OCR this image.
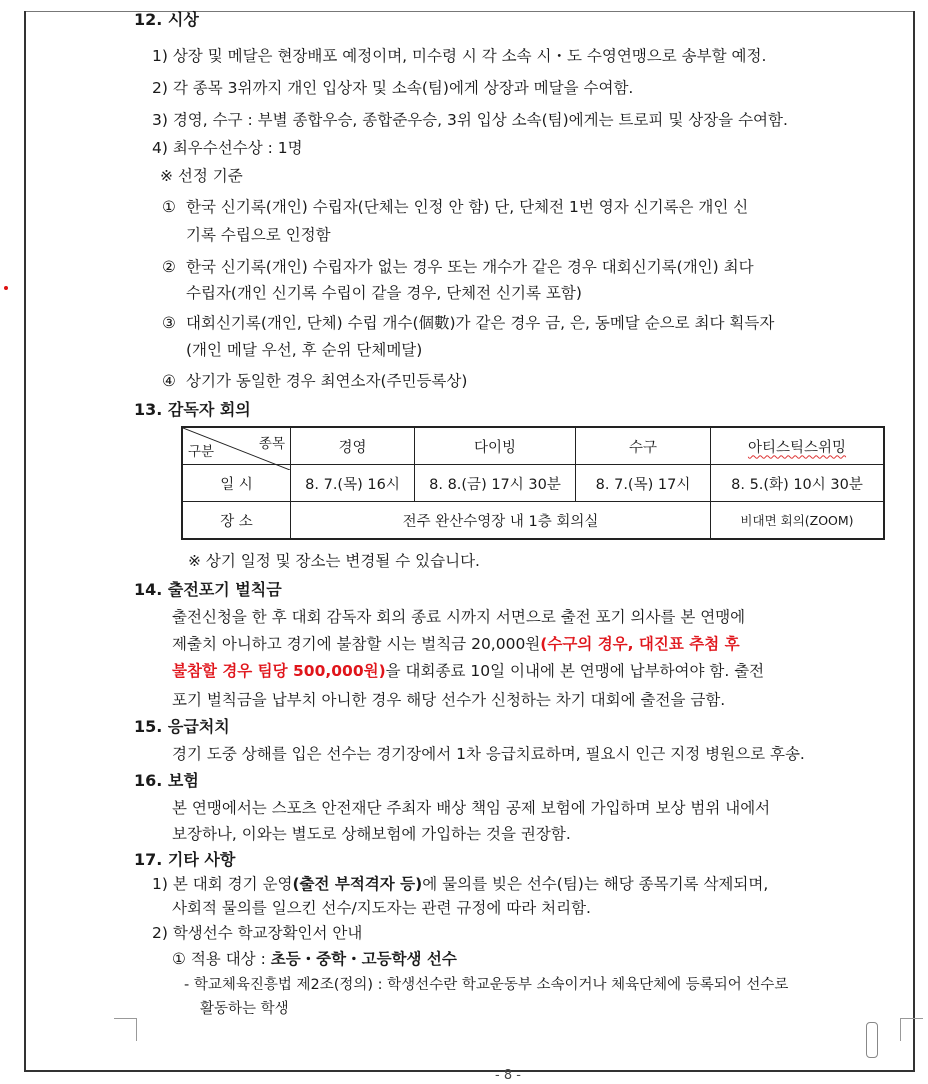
12. 시상
1) 상장 및 메달은 현장배포 예정이며, 미수령 시 각 소속 시・도 수영연맹으로 송부할 예정.
2) 각 종목 3위까지 개인 입상자 및 소속(팀)에게 상장과 메달을 수여함.
3) 경영, 수구 : 부별 종합우승, 종합준우승, 3위 입상 소속(팀)에게는 트로피 및 상장을 수여함.
4) 최우수선수상 : 1명
※ 선정 기준
① 한국 신기록(개인) 수립자(단체는 인정 안 함) 단, 단체전 1번 영자 신기록은 개인 신
기록 수립으로 인정함
② 한국 신기록(개인) 수립자가 없는 경우 또는 개수가 같은 경우 대회신기록(개인) 최다
수립자(개인 신기록 수립이 같을 경우, 단체전 신기록 포함)
③ 대회신기록(개인, 단체) 수립 개수(個數)가 같은 경우 금, 은, 동메달 순으로 최다 획득자
(개인 메달 우선, 후 순위 단체메달)
④ 상기가 동일한 경우 최연소자(주민등록상)
13. 감독자 회의
종목
구분	경영	다이빙	수구	아티스틱스위밍
일 시	8. 7.(목) 16시	8. 8.(금) 17시 30분	8. 7.(목) 17시	8. 5.(화) 10시 30분
장 소	전주 완산수영장 내 1층 회의실			비대면 회의(ZOOM)
※ 상기 일정 및 장소는 변경될 수 있습니다.
14. 출전포기 벌칙금
출전신청을 한 후 대회 감독자 회의 종료 시까지 서면으로 출전 포기 의사를 본 연맹에
제출치 아니하고 경기에 불참할 시는 벌칙금 20,000원(수구의 경우, 대진표 추첨 후
불참할 경우 팀당 500,000원)을 대회종료 10일 이내에 본 연맹에 납부하여야 함. 출전
포기 벌칙금을 납부치 아니한 경우 해당 선수가 신청하는 차기 대회에 출전을 금함.
15. 응급처치
경기 도중 상해를 입은 선수는 경기장에서 1차 응급치료하며, 필요시 인근 지정 병원으로 후송.
16. 보험
본 연맹에서는 스포츠 안전재단 주최자 배상 책임 공제 보험에 가입하며 보상 범위 내에서
보장하나, 이와는 별도로 상해보험에 가입하는 것을 권장함.
17. 기타 사항
1) 본 대회 경기 운영(출전 부적격자 등)에 물의를 빚은 선수(팀)는 해당 종목기록 삭제되며,
사회적 물의를 일으킨 선수/지도자는 관련 규정에 따라 처리함.
2) 학생선수 학교장확인서 안내
① 적용 대상 : 초등・중학・고등학생 선수
- 학교체육진흥법 제2조(정의) : 학생선수란 학교운동부 소속이거나 체육단체에 등록되어 선수로
활동하는 학생
- 8 -
